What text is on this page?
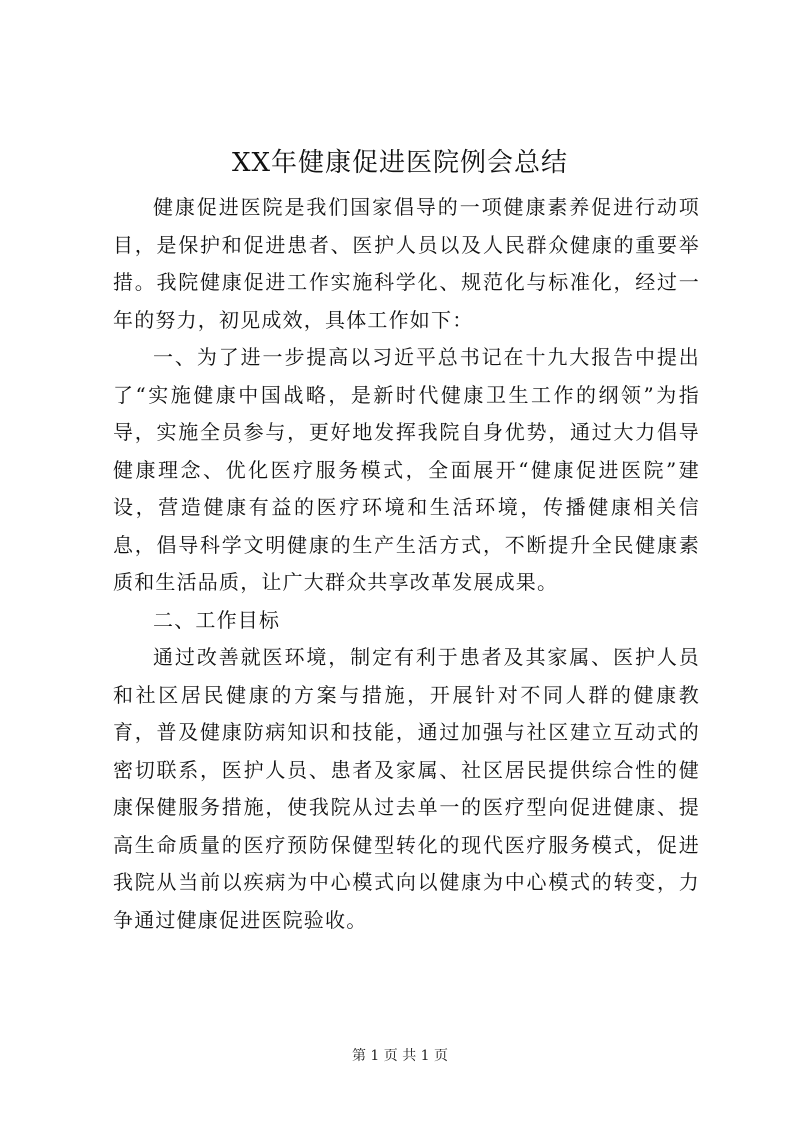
XX年健康促进医院例会总结

健康促进医院是我们国家倡导的一项健康素养促进行动项目，是保护和促进患者、医护人员以及人民群众健康的重要举措。我院健康促进工作实施科学化、规范化与标准化，经过一年的努力，初见成效，具体工作如下：

一、为了进一步提高以习近平总书记在十九大报告中提出了“实施健康中国战略，是新时代健康卫生工作的纲领”为指导，实施全员参与，更好地发挥我院自身优势，通过大力倡导健康理念、优化医疗服务模式，全面展开“健康促进医院”建设，营造健康有益的医疗环境和生活环境，传播健康相关信息，倡导科学文明健康的生产生活方式，不断提升全民健康素质和生活品质，让广大群众共享改革发展成果。

二、工作目标

通过改善就医环境，制定有利于患者及其家属、医护人员和社区居民健康的方案与措施，开展针对不同人群的健康教育，普及健康防病知识和技能，通过加强与社区建立互动式的密切联系，医护人员、患者及家属、社区居民提供综合性的健康保健服务措施，使我院从过去单一的医疗型向促进健康、提高生命质量的医疗预防保健型转化的现代医疗服务模式，促进我院从当前以疾病为中心模式向以健康为中心模式的转变，力争通过健康促进医院验收。

第 1 页 共 1 页
